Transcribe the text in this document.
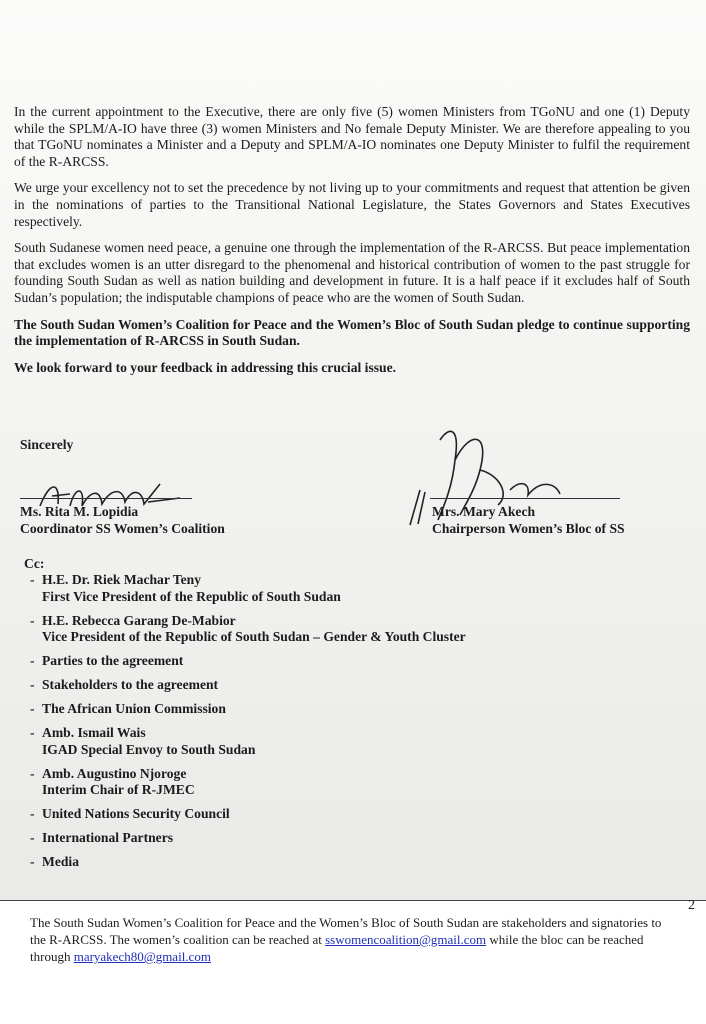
In the current appointment to the Executive, there are only five (5) women Ministers from TGoNU and one (1) Deputy while the SPLM/A-IO have three (3) women Ministers and No female Deputy Minister. We are therefore appealing to you that TGoNU nominates a Minister and a Deputy and SPLM/A-IO nominates one Deputy Minister to fulfil the requirement of the R-ARCSS.

We urge your excellency not to set the precedence by not living up to your commitments and request that attention be given in the nominations of parties to the Transitional National Legislature, the States Governors and States Executives respectively.

South Sudanese women need peace, a genuine one through the implementation of the R-ARCSS. But peace implementation that excludes women is an utter disregard to the phenomenal and historical contribution of women to the past struggle for founding South Sudan as well as nation building and development in future. It is a half peace if it excludes half of South Sudan’s population; the indisputable champions of peace who are the women of South Sudan.

The South Sudan Women’s Coalition for Peace and the Women’s Bloc of South Sudan pledge to continue supporting the implementation of R-ARCSS in South Sudan.

We look forward to your feedback in addressing this crucial issue.

Sincerely
Ms. Rita M. Lopidia
Coordinator SS Women’s Coalition
Mrs. Mary Akech
Chairperson Women’s Bloc of SS
Cc:
- H.E. Dr. Riek Machar Teny
First Vice President of the Republic of South Sudan
- H.E. Rebecca Garang De-Mabior
Vice President of the Republic of South Sudan – Gender & Youth Cluster
- Parties to the agreement
- Stakeholders to the agreement
- The African Union Commission
- Amb. Ismail Wais
IGAD Special Envoy to South Sudan
- Amb. Augustino Njoroge
Interim Chair of R-JMEC
- United Nations Security Council
- International Partners
- Media
2
The South Sudan Women’s Coalition for Peace and the Women’s Bloc of South Sudan are stakeholders and signatories to the R-ARCSS. The women’s coalition can be reached at sswomencoalition@gmail.com while the bloc can be reached through maryakech80@gmail.com
